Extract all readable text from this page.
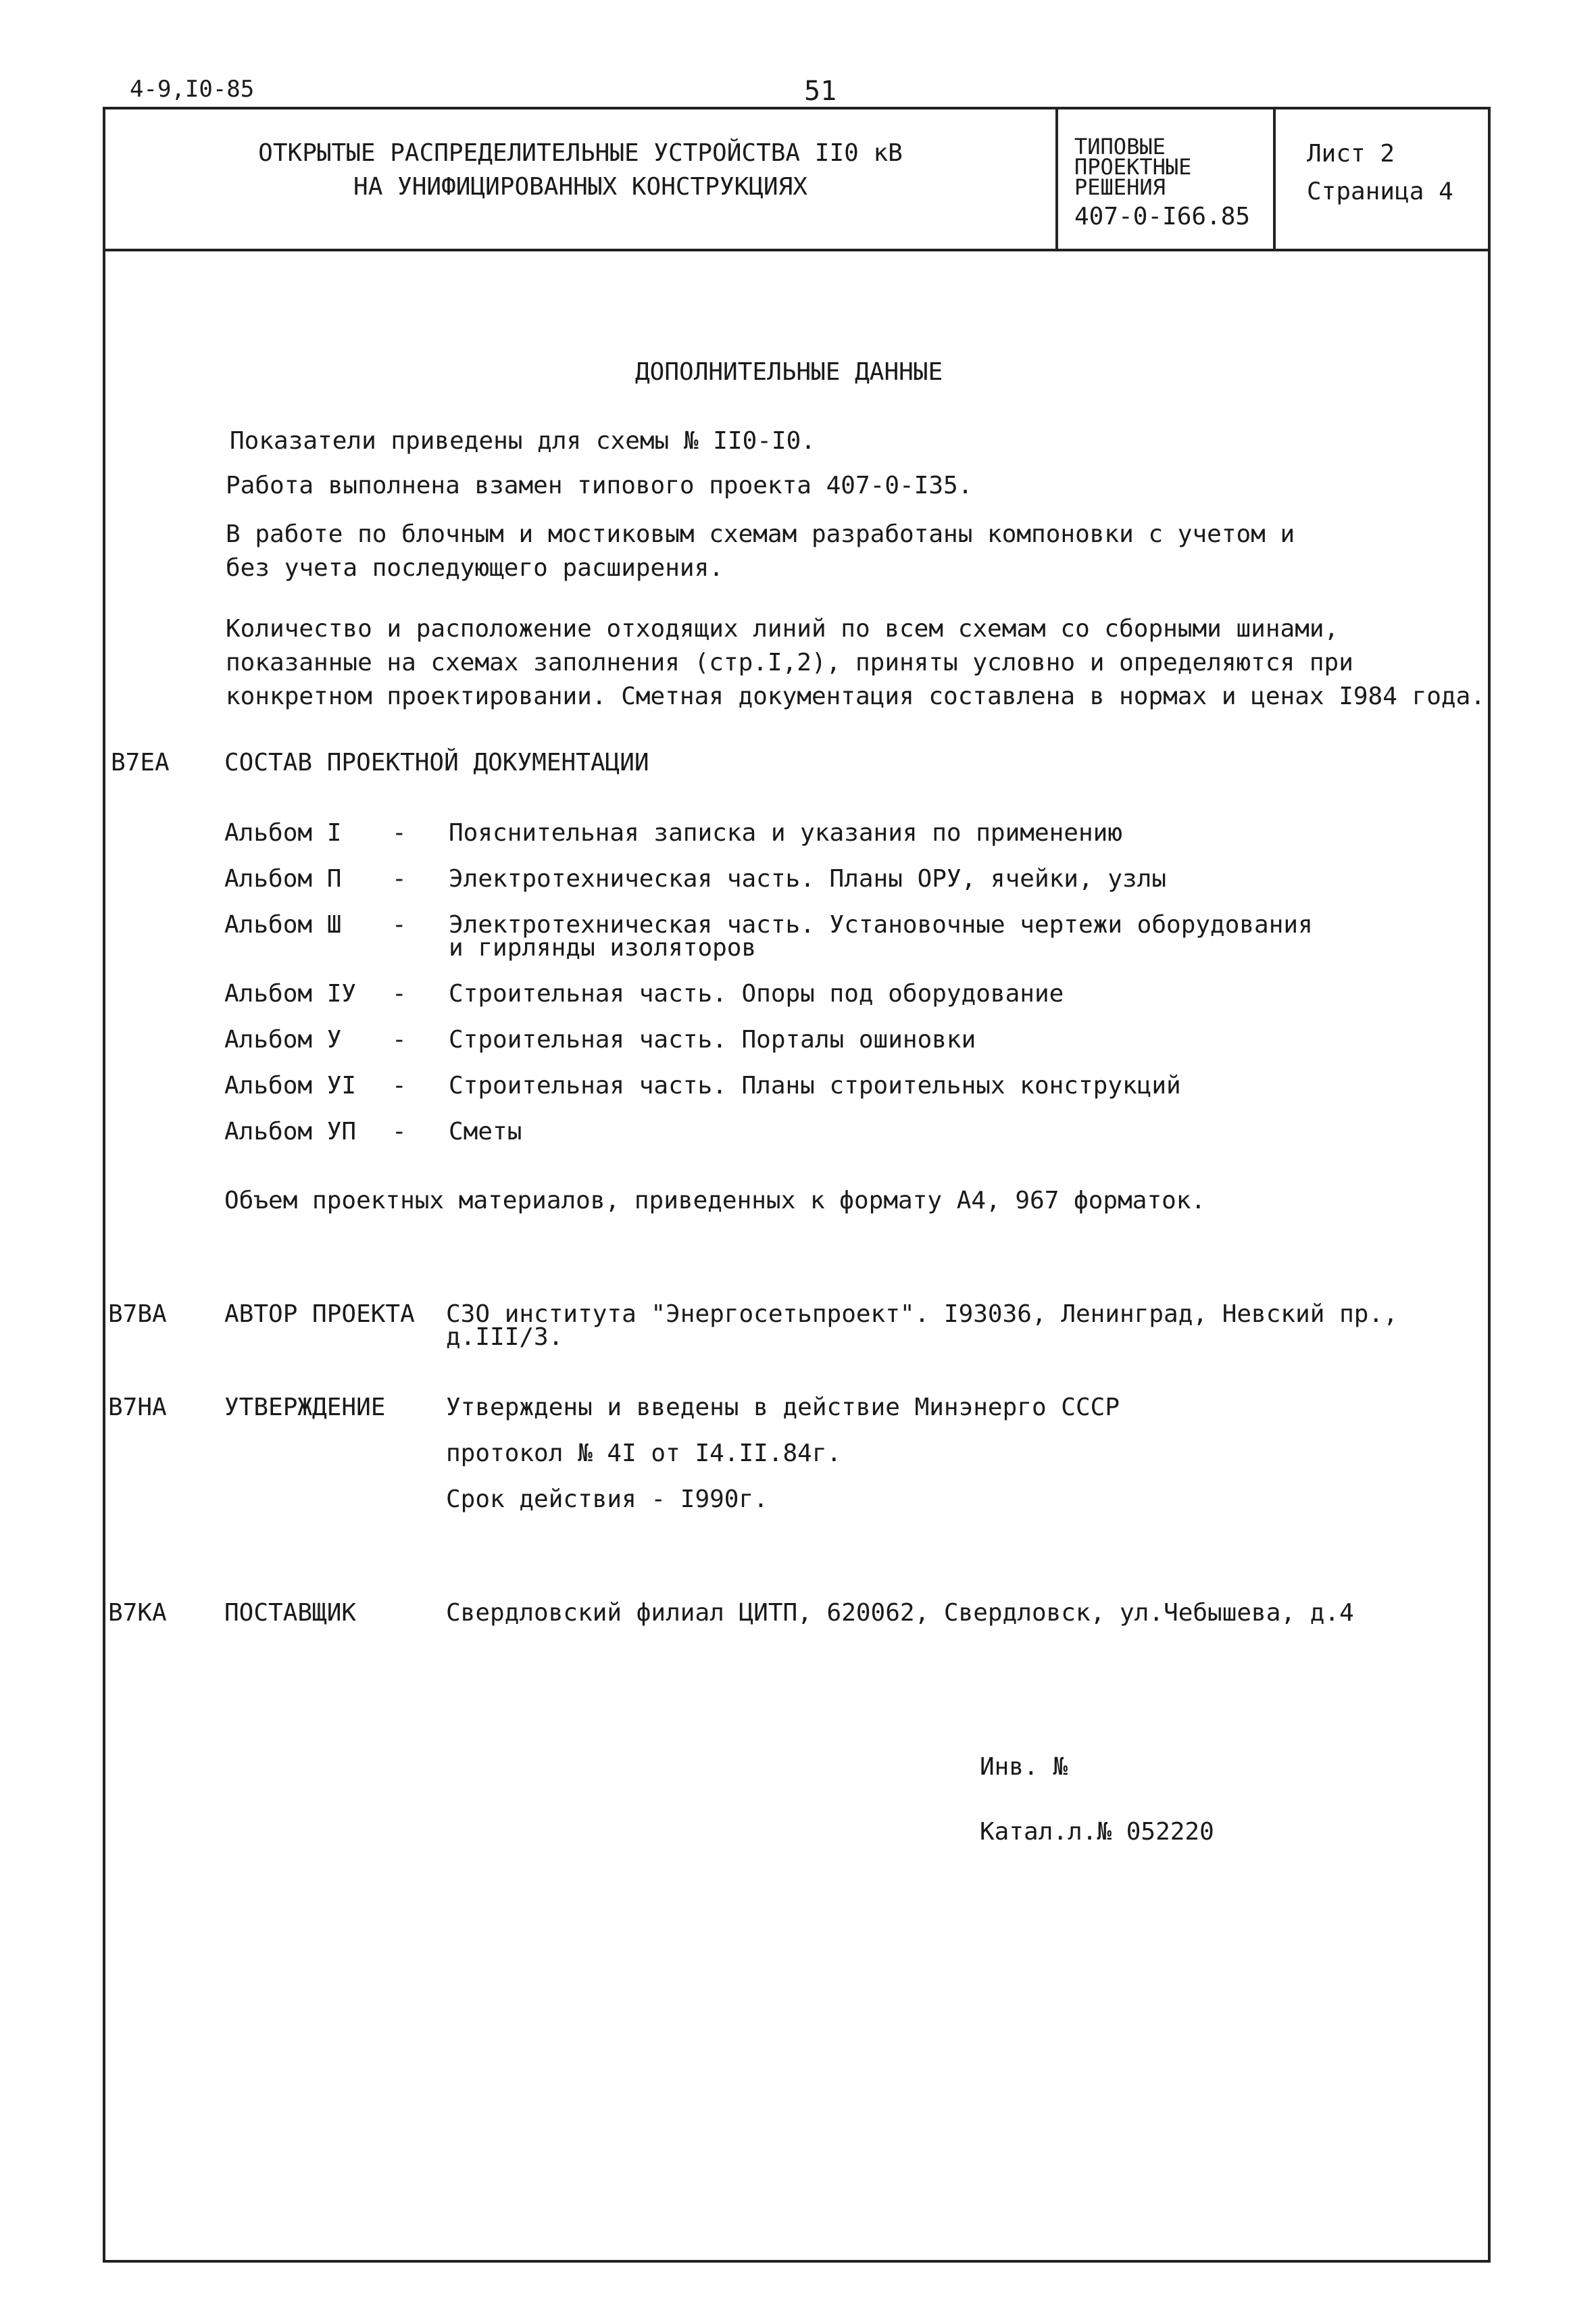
4-9,I0-85	51
ОТКРЫТЫЕ РАСПРЕДЕЛИТЕЛЬНЫЕ УСТРОЙСТВА II0 кВ
НА УНИФИЦИРОВАННЫХ КОНСТРУКЦИЯХ
ТИПОВЫЕ
ПРОЕКТНЫЕ
РЕШЕНИЯ
407-0-I66.85
Лист 2
Страница 4
ДОПОЛНИТЕЛЬНЫЕ ДАННЫЕ
Показатели приведены для схемы № II0-I0.
Работа выполнена взамен типового проекта 407-0-I35.
В работе по блочным и мостиковым схемам разработаны компоновки с учетом и
без учета последующего расширения.
Количество и расположение отходящих линий по всем схемам со сборными шинами,
показанные на схемах заполнения (стр.I,2), приняты условно и определяются при
конкретном проектировании. Сметная документация составлена в нормах и ценах I984 года.
В7ЕА СОСТАВ ПРОЕКТНОЙ ДОКУМЕНТАЦИИ
Альбом I - Пояснительная записка и указания по применению
Альбом П - Электротехническая часть. Планы ОРУ, ячейки, узлы
Альбом Ш - Электротехническая часть. Установочные чертежи оборудования
и гирлянды изоляторов
Альбом IУ - Строительная часть. Опоры под оборудование
Альбом У - Строительная часть. Порталы ошиновки
Альбом УI - Строительная часть. Планы строительных конструкций
Альбом УП - Сметы
Объем проектных материалов, приведенных к формату А4, 967 форматок.
В7ВА АВТОР ПРОЕКТА СЗО института "Энергосетьпроект". I93036, Ленинград, Невский пр.,
д.III/3.
В7НА УТВЕРЖДЕНИЕ Утверждены и введены в действие Минэнерго СССР
протокол № 4I от I4.II.84г.
Срок действия - I990г.
В7КА ПОСТАВЩИК	Свердловский филиал ЦИТП, 620062, Свердловск, ул.Чебышева, д.4
Инв. №
Катал.л.№ 052220
